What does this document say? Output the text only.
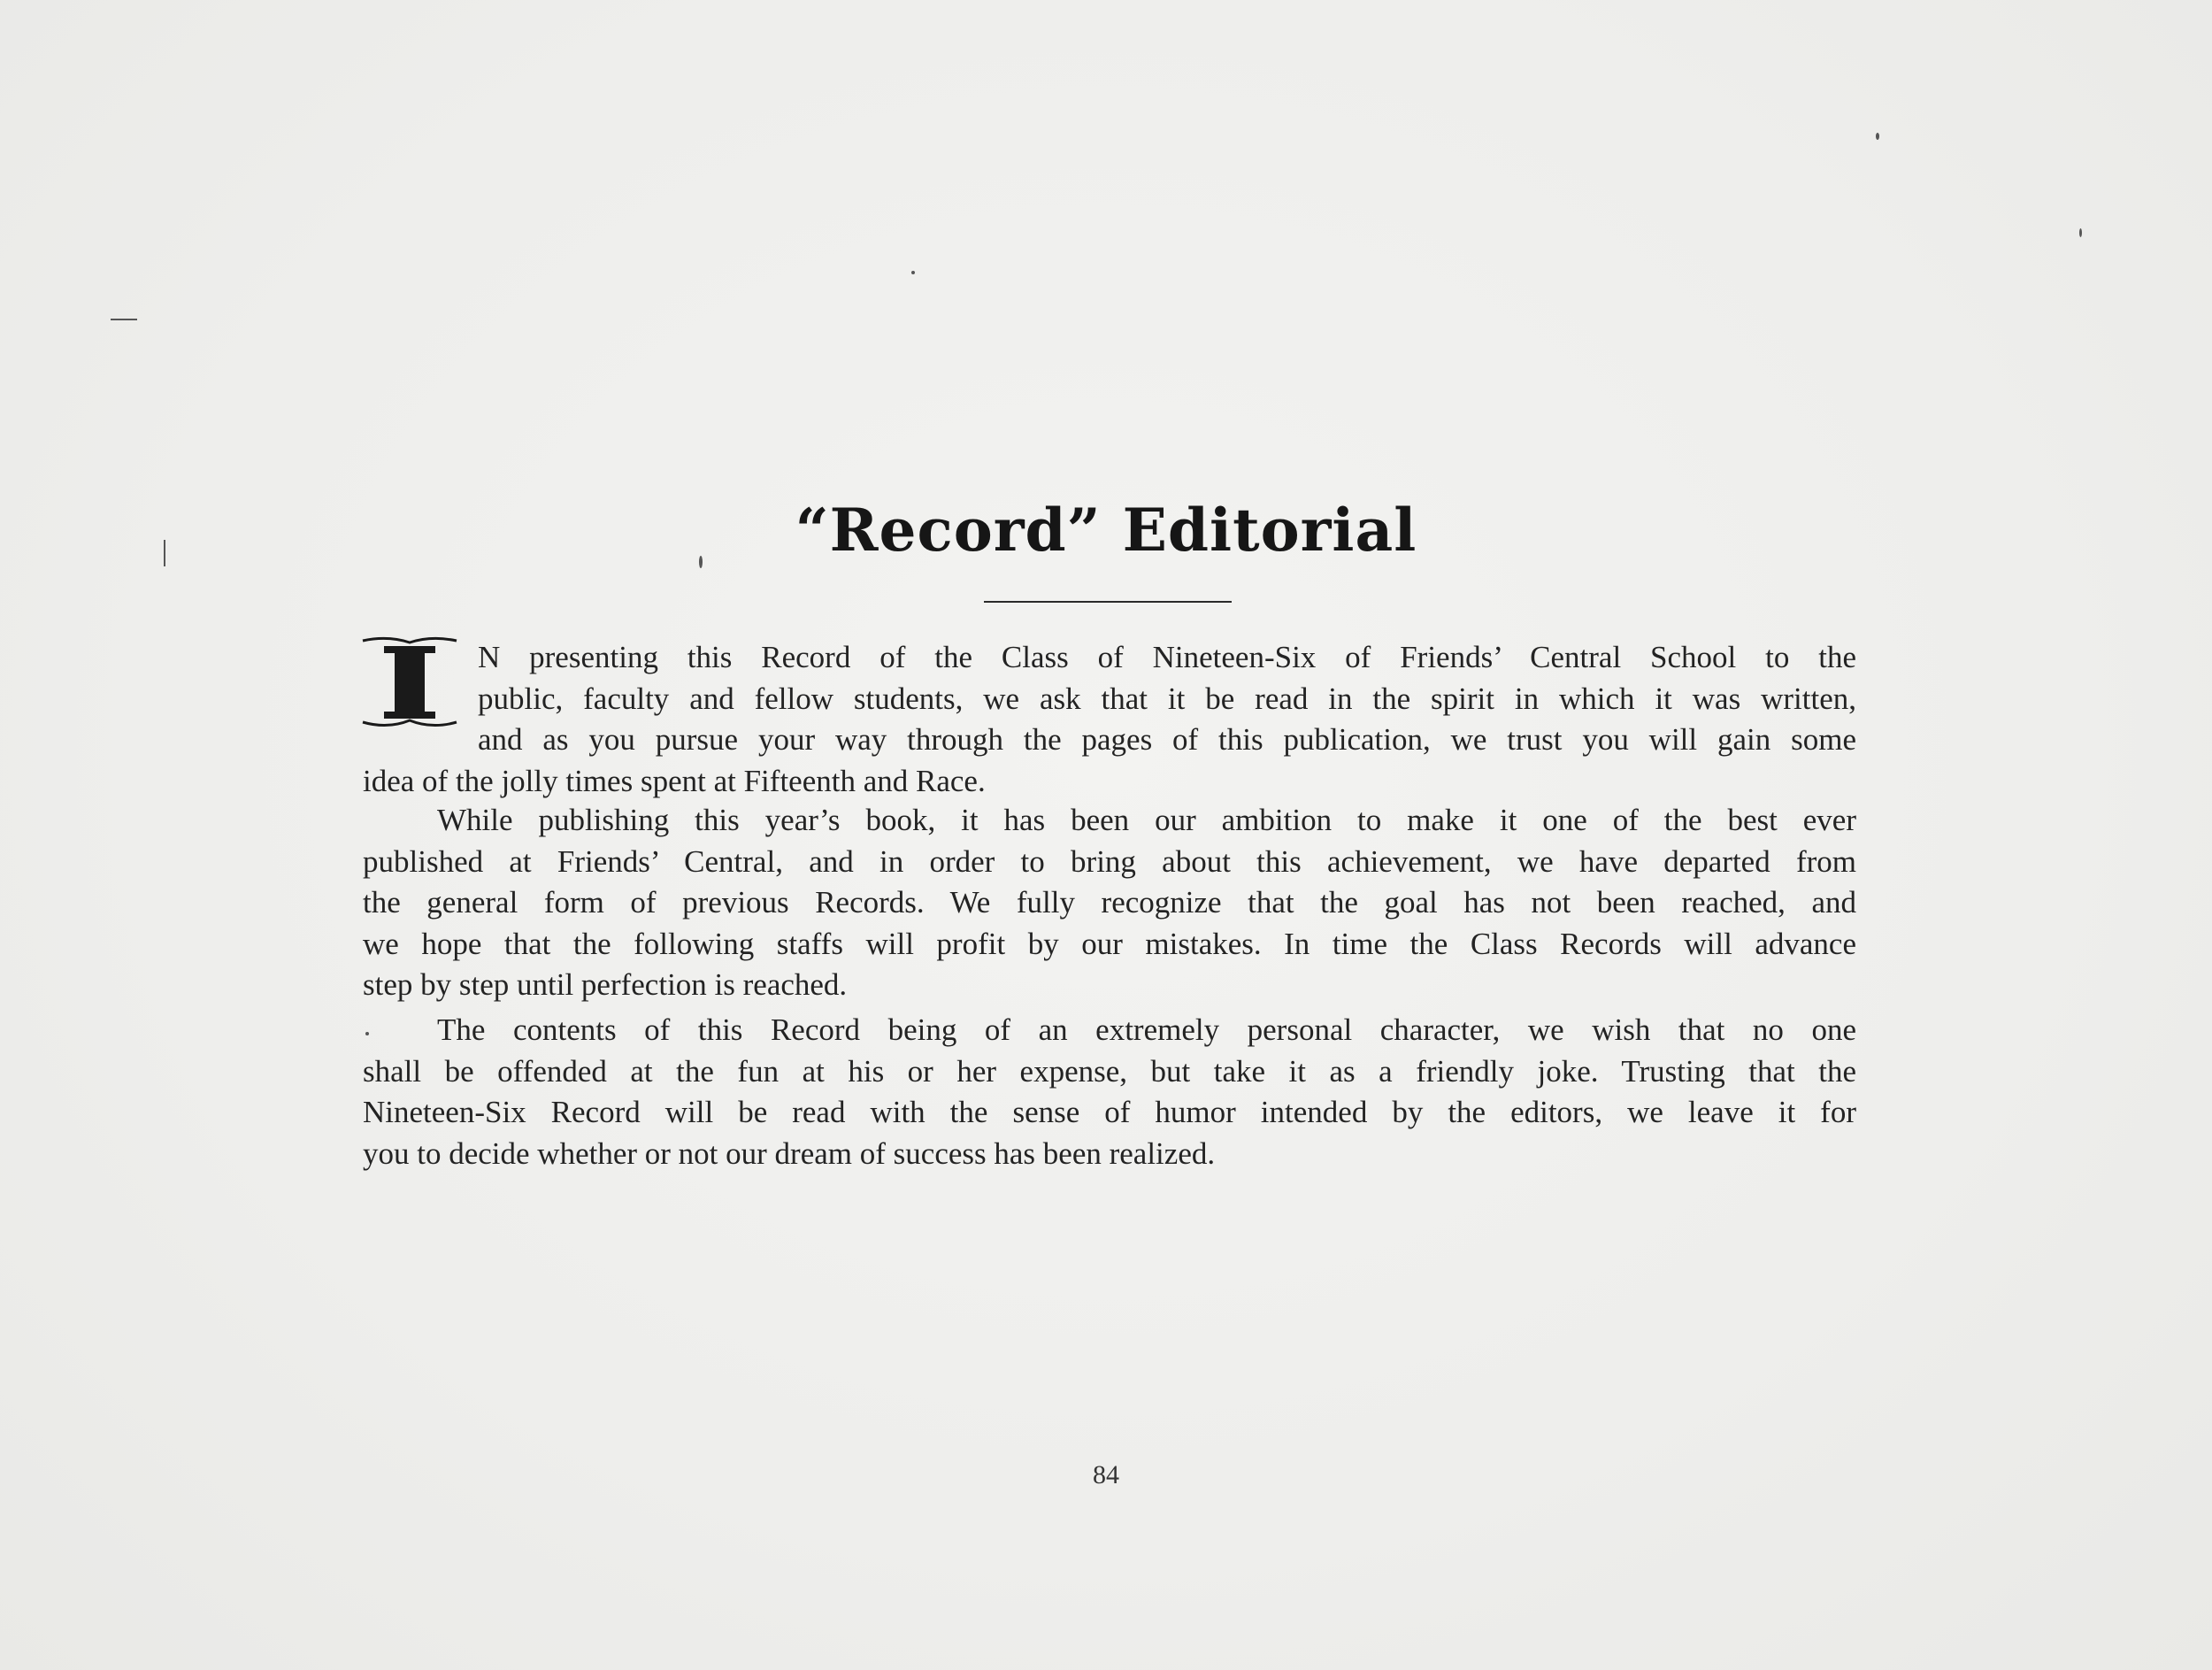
“Record” Editorial
N presenting this Record of the Class of Nineteen-Six of Friends’ Central School to the
public, faculty and fellow students, we ask that it be read in the spirit in which it was written,
and as you pursue your way through the pages of this publication, we trust you will gain some
idea of the jolly times spent at Fifteenth and Race.
While publishing this year’s book, it has been our ambition to make it one of the best ever
published at Friends’ Central, and in order to bring about this achievement, we have departed from
the general form of previous Records. We fully recognize that the goal has not been reached, and
we hope that the following staffs will profit by our mistakes. In time the Class Records will advance
step by step until perfection is reached.
The contents of this Record being of an extremely personal character, we wish that no one
shall be offended at the fun at his or her expense, but take it as a friendly joke. Trusting that the
Nineteen-Six Record will be read with the sense of humor intended by the editors, we leave it for
you to decide whether or not our dream of success has been realized.
84
